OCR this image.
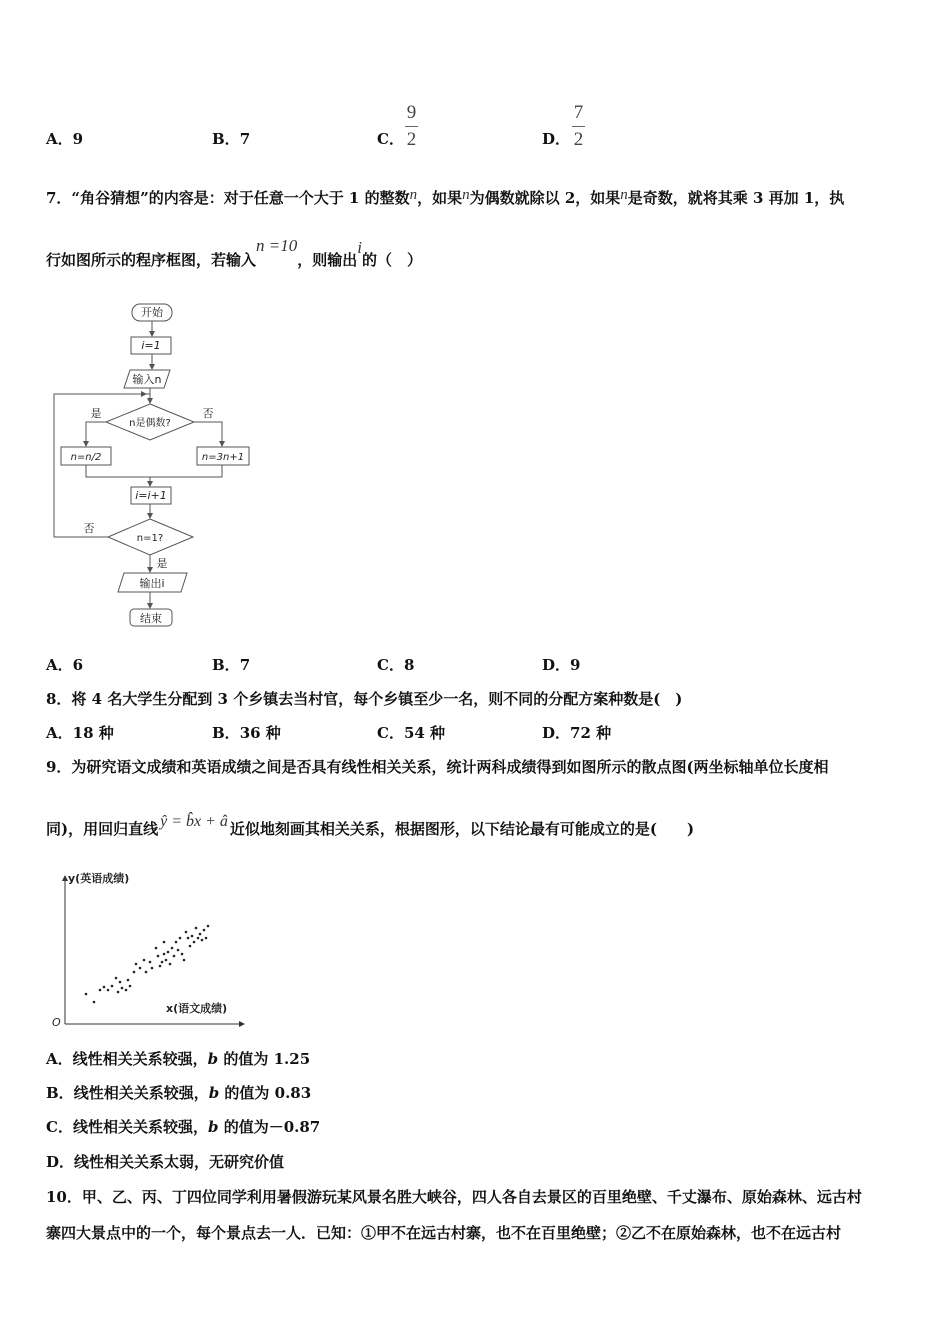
A．9	B．7	C．
9
2	D．
7
2
7．“角谷猜想”的内容是：对于任意一个大于 1 的整数n，如果n为偶数就除以 2，如果n是奇数，就将其乘 3 再加 1，执
行如图所示的程序框图，若输入n =10，则输出i的（　）
开始
i=1
输入n
n是偶数?
是	否
n=n/2	n=3n+1
i=i+1
n=1?
否
是
输出i
结束
A．6	B．7	C．8	D．9
8．将 4 名大学生分配到 3 个乡镇去当村官，每个乡镇至少一名，则不同的分配方案种数是(　)
A．18 种	B．36 种	C．54 种	D．72 种
9．为研究语文成绩和英语成绩之间是否具有线性相关关系，统计两科成绩得到如图所示的散点图(两坐标轴单位长度相
同)，用回归直线 ŷ = b̂x + â 近似地刻画其相关关系，根据图形，以下结论最有可能成立的是(　　)
y(英语成绩)
x(语文成绩)
O
A．线性相关关系较强，b 的值为 1.25
B．线性相关关系较强，b 的值为 0.83
C．线性相关关系较强，b 的值为－0.87
D．线性相关关系太弱，无研究价值
10．甲、乙、丙、丁四位同学利用暑假游玩某风景名胜大峡谷，四人各自去景区的百里绝壁、千丈瀑布、原始森林、远古村
寨四大景点中的一个，每个景点去一人．已知：①甲不在远古村寨，也不在百里绝壁；②乙不在原始森林，也不在远古村
